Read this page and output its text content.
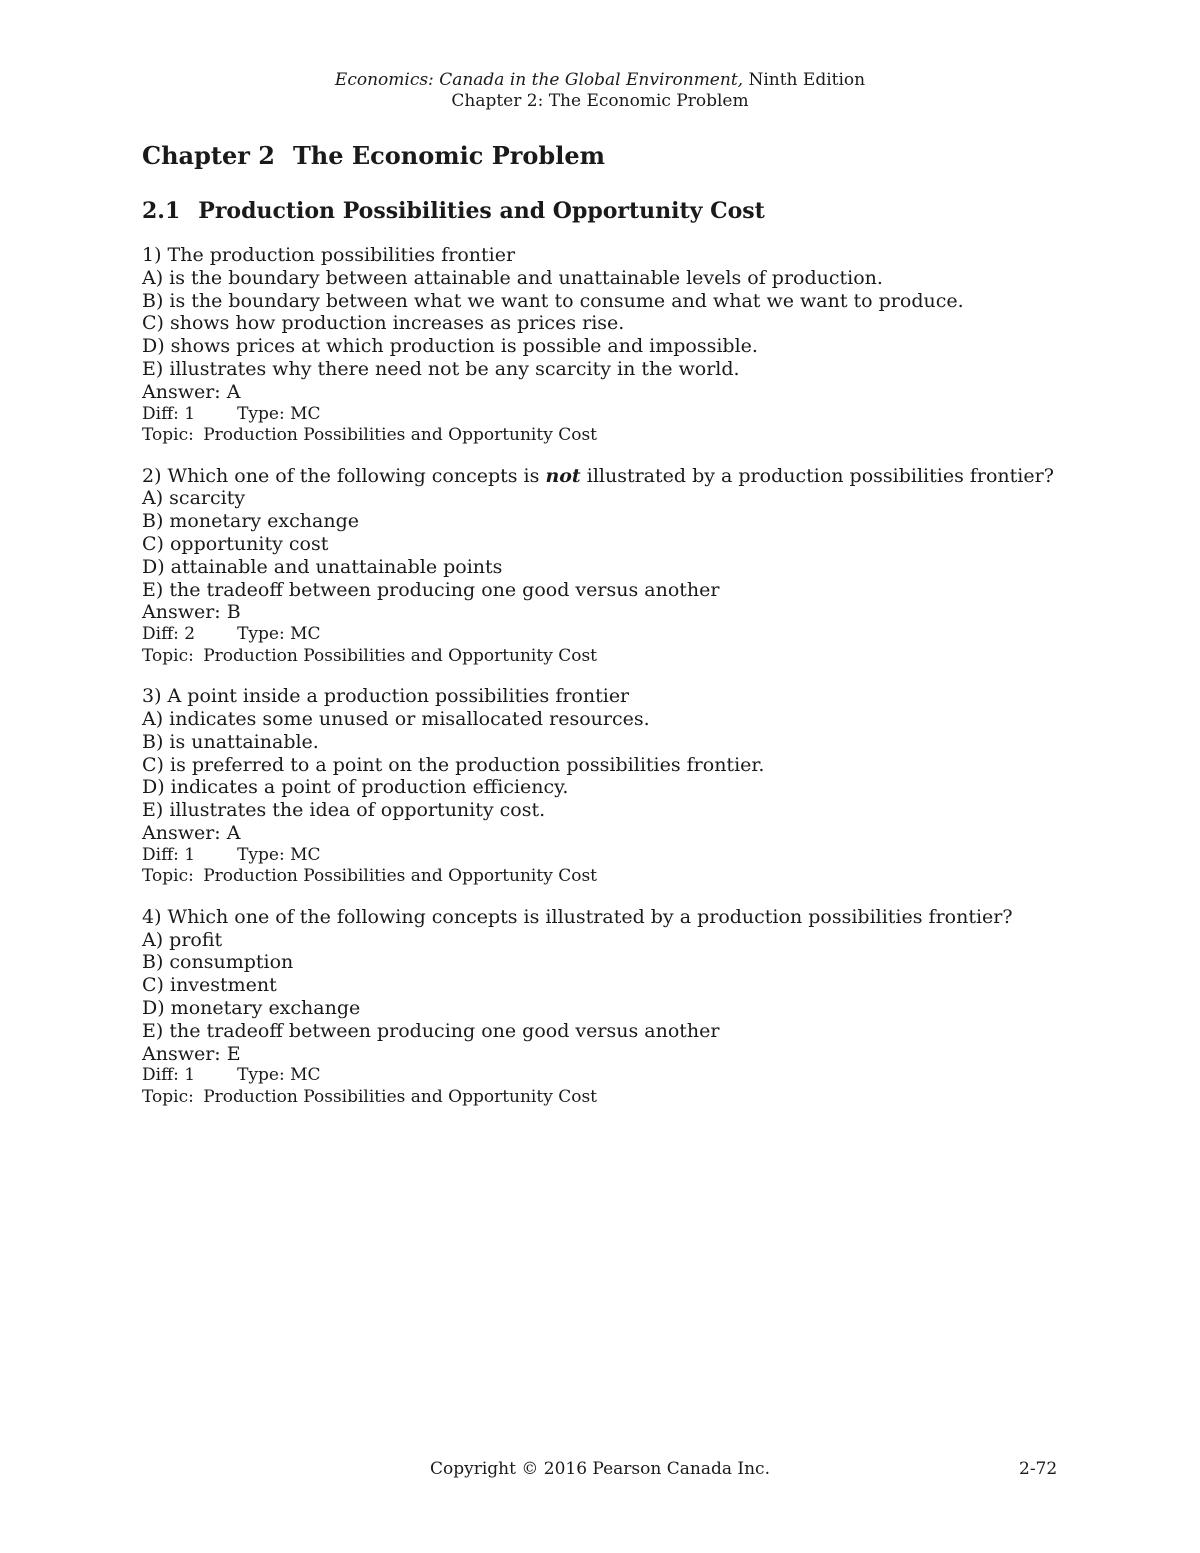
Economics: Canada in the Global Environment, Ninth Edition
Chapter 2: The Economic Problem
Chapter 2 The Economic Problem
2.1 Production Possibilities and Opportunity Cost
1) The production possibilities frontier
A) is the boundary between attainable and unattainable levels of production.
B) is the boundary between what we want to consume and what we want to produce.
C) shows how production increases as prices rise.
D) shows prices at which production is possible and impossible.
E) illustrates why there need not be any scarcity in the world.
Answer: A
Diff: 1 Type: MC
Topic: Production Possibilities and Opportunity Cost
2) Which one of the following concepts is not illustrated by a production possibilities frontier?
A) scarcity
B) monetary exchange
C) opportunity cost
D) attainable and unattainable points
E) the tradeoff between producing one good versus another
Answer: B
Diff: 2 Type: MC
Topic: Production Possibilities and Opportunity Cost
3) A point inside a production possibilities frontier
A) indicates some unused or misallocated resources.
B) is unattainable.
C) is preferred to a point on the production possibilities frontier.
D) indicates a point of production efficiency.
E) illustrates the idea of opportunity cost.
Answer: A
Diff: 1 Type: MC
Topic: Production Possibilities and Opportunity Cost
4) Which one of the following concepts is illustrated by a production possibilities frontier?
A) profit
B) consumption
C) investment
D) monetary exchange
E) the tradeoff between producing one good versus another
Answer: E
Diff: 1 Type: MC
Topic: Production Possibilities and Opportunity Cost
Copyright © 2016 Pearson Canada Inc.	2-72
